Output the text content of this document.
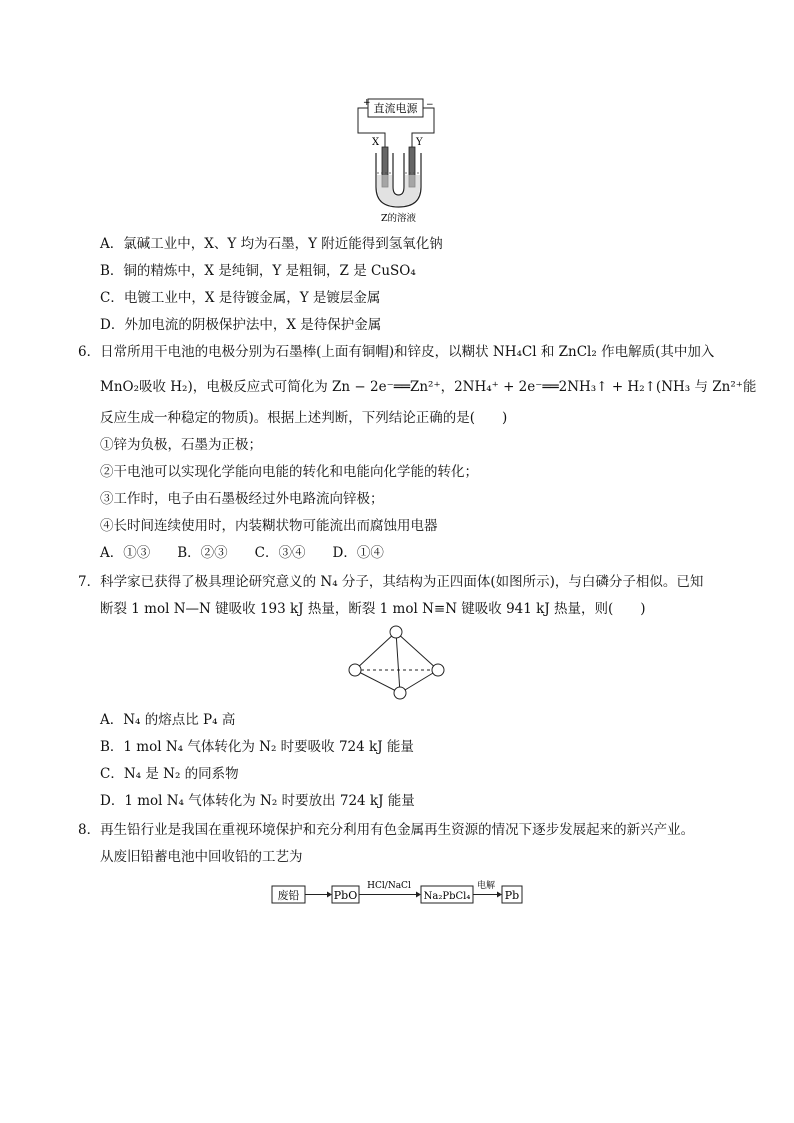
直流电源
+	−
X	Y
Z的溶液
A．氯碱工业中，X、Y 均为石墨，Y 附近能得到氢氧化钠
B．铜的精炼中，X 是纯铜，Y 是粗铜，Z 是 CuSO₄
C．电镀工业中，X 是待镀金属，Y 是镀层金属
D．外加电流的阴极保护法中，X 是待保护金属
6．日常所用干电池的电极分别为石墨棒(上面有铜帽)和锌皮，以糊状 NH₄Cl 和 ZnCl₂ 作电解质(其中加入
MnO₂吸收 H₂)，电极反应式可简化为 Zn − 2e⁻══Zn²⁺，2NH₄⁺ + 2e⁻══2NH₃↑ + H₂↑(NH₃ 与 Zn²⁺能
反应生成一种稳定的物质)。根据上述判断，下列结论正确的是(　　)
①锌为负极，石墨为正极；
②干电池可以实现化学能向电能的转化和电能向化学能的转化；
③工作时，电子由石墨极经过外电路流向锌极；
④长时间连续使用时，内装糊状物可能流出而腐蚀用电器
A．①③　　B．②③　　C．③④　　D．①④
7．科学家已获得了极具理论研究意义的 N₄ 分子，其结构为正四面体(如图所示)，与白磷分子相似。已知
断裂 1 mol N—N 键吸收 193 kJ 热量，断裂 1 mol N≡N 键吸收 941 kJ 热量，则(　　)
A．N₄ 的熔点比 P₄ 高
B．1 mol N₄ 气体转化为 N₂ 时要吸收 724 kJ 能量
C．N₄ 是 N₂ 的同系物
D．1 mol N₄ 气体转化为 N₂ 时要放出 724 kJ 能量
8．再生铅行业是我国在重视环境保护和充分利用有色金属再生资源的情况下逐步发展起来的新兴产业。
从废旧铅蓄电池中回收铅的工艺为
废铅	PbO
HCl/NaCl
Na₂PbCl₄
电解
Pb
